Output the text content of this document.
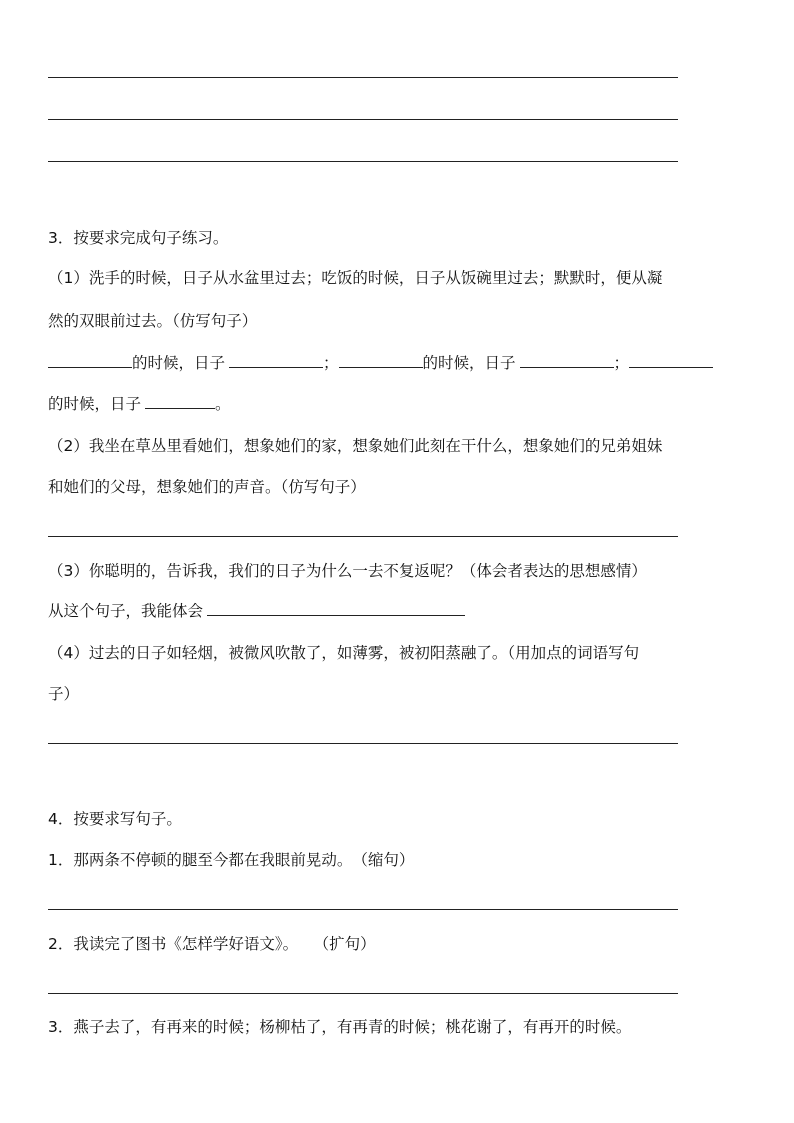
3．按要求完成句子练习。
（1）洗手的时候，日子从水盆里过去；吃饭的时候，日子从饭碗里过去；默默时，便从凝
然的双眼前过去。（仿写句子）
的时候，日子	；	的时候，日子	；
的时候，日子	。
（2）我坐在草丛里看她们，想象她们的家，想象她们此刻在干什么，想象她们的兄弟姐妹
和她们的父母，想象她们的声音。（仿写句子）
（3）你聪明的，告诉我，我们的日子为什么一去不复返呢？（体会者表达的思想感情）
从这个句子，我能体会
（4）过去的日子如轻烟，被微风吹散了，如薄雾，被初阳蒸融了。（用加点的词语写句
子）
4．按要求写句子。
1．那两条不停顿的腿至今都在我眼前晃动。　（缩句）
2．我读完了图书《怎样学好语文》。　　（扩句）
3．燕子去了，有再来的时候；杨柳枯了，有再青的时候；桃花谢了，有再开的时候。
